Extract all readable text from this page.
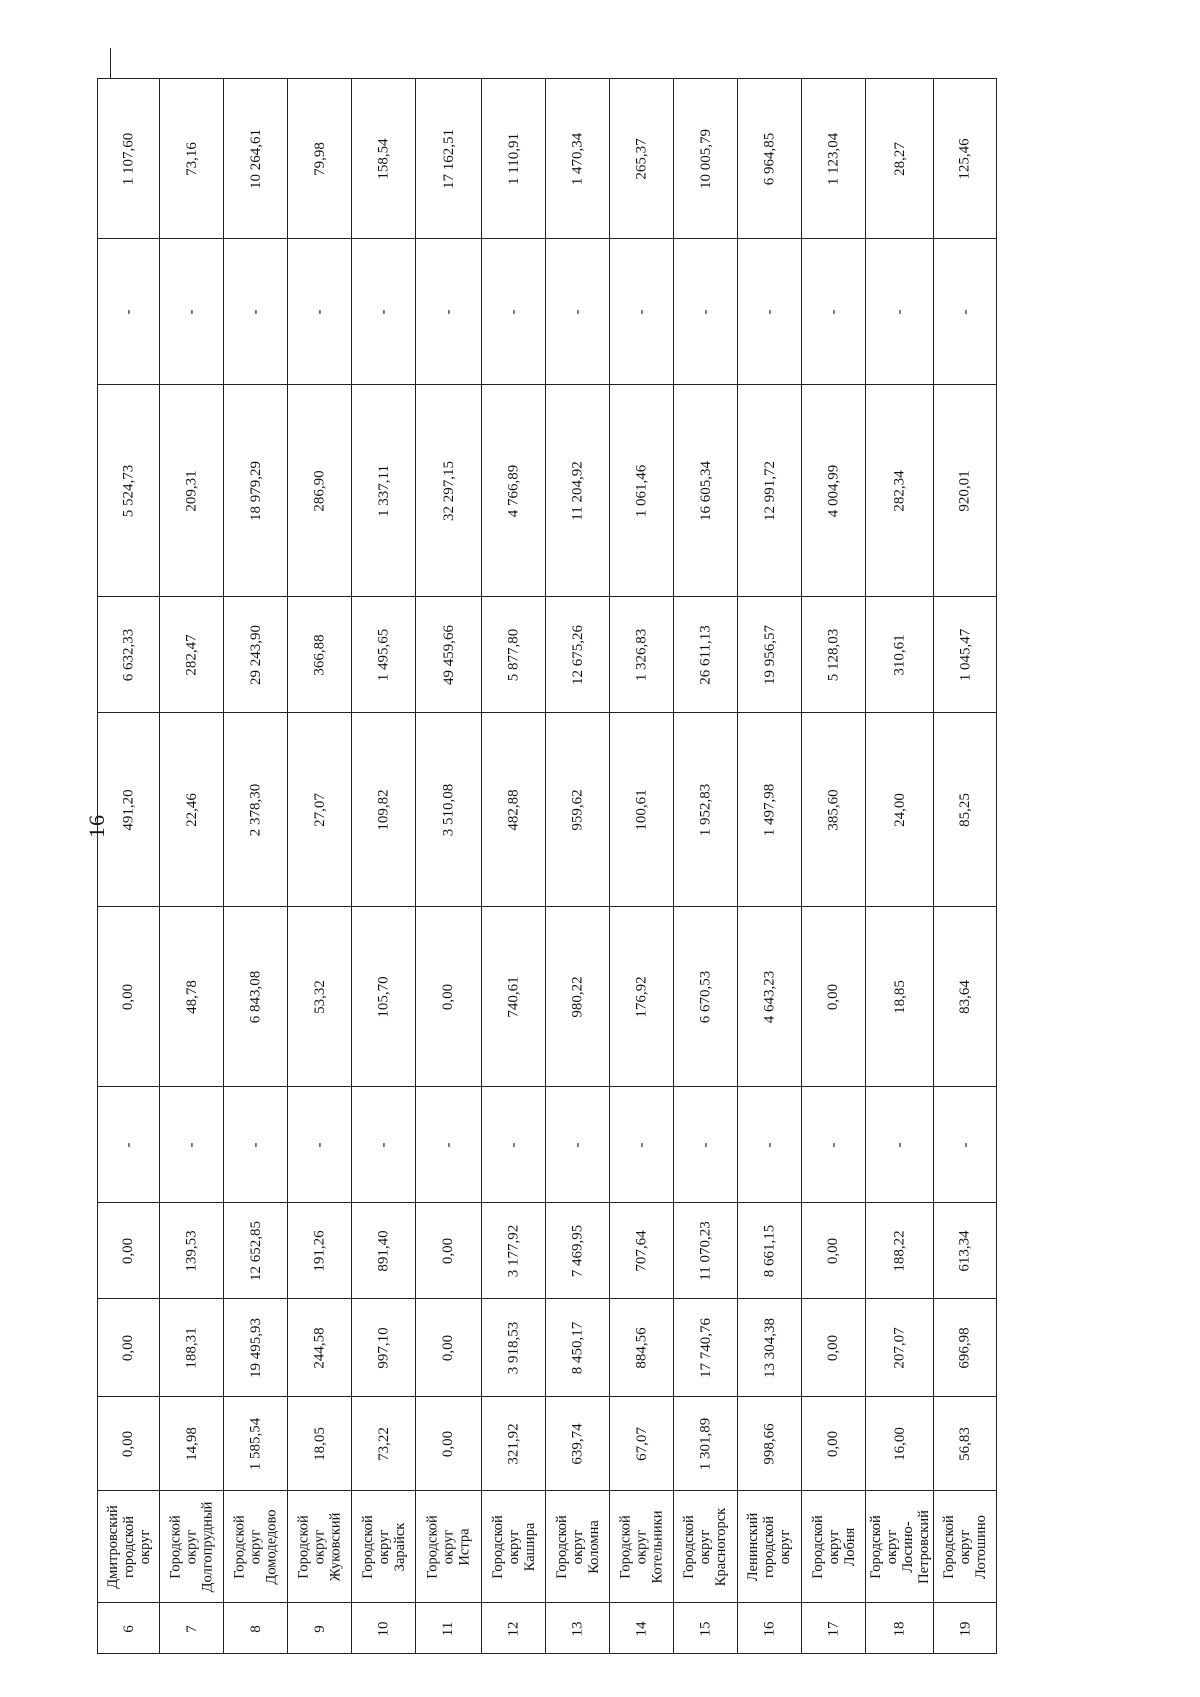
16
1 107,60
-
5 524,73
6 632,33
491,20
0,00
-
0,00
0,00
0,00
Дмитровский городской округ
6
73,16
-
209,31
282,47
22,46
48,78
-
139,53
188,31
14,98
Городской округ Долгопрудный
7
10 264,61
-
18 979,29
29 243,90
2 378,30
6 843,08
-
12 652,85
19 495,93
1 585,54
Городской округ Домодедово
8
79,98
-
286,90
366,88
27,07
53,32
-
191,26
244,58
18,05
Городской округ Жуковский
9
158,54
-
1 337,11
1 495,65
109,82
105,70
-
891,40
997,10
73,22
Городской округ Зарайск
10
17 162,51
-
32 297,15
49 459,66
3 510,08
0,00
-
0,00
0,00
0,00
Городской округ Истра
11
1 110,91
-
4 766,89
5 877,80
482,88
740,61
-
3 177,92
3 918,53
321,92
Городской округ Кашира
12
1 470,34
-
11 204,92
12 675,26
959,62
980,22
-
7 469,95
8 450,17
639,74
Городской округ Коломна
13
265,37
-
1 061,46
1 326,83
100,61
176,92
-
707,64
884,56
67,07
Городской округ Котельники
14
10 005,79
-
16 605,34
26 611,13
1 952,83
6 670,53
-
11 070,23
17 740,76
1 301,89
Городской округ Красногорск
15
6 964,85
-
12 991,72
19 956,57
1 497,98
4 643,23
-
8 661,15
13 304,38
998,66
Ленинский городской округ
16
1 123,04
-
4 004,99
5 128,03
385,60
0,00
-
0,00
0,00
0,00
Городской округ Лобня
17
28,27
-
282,34
310,61
24,00
18,85
-
188,22
207,07
16,00
Городской округ Лосино-Петровский
18
125,46
-
920,01
1 045,47
85,25
83,64
-
613,34
696,98
56,83
Городской округ Лотошино
19
